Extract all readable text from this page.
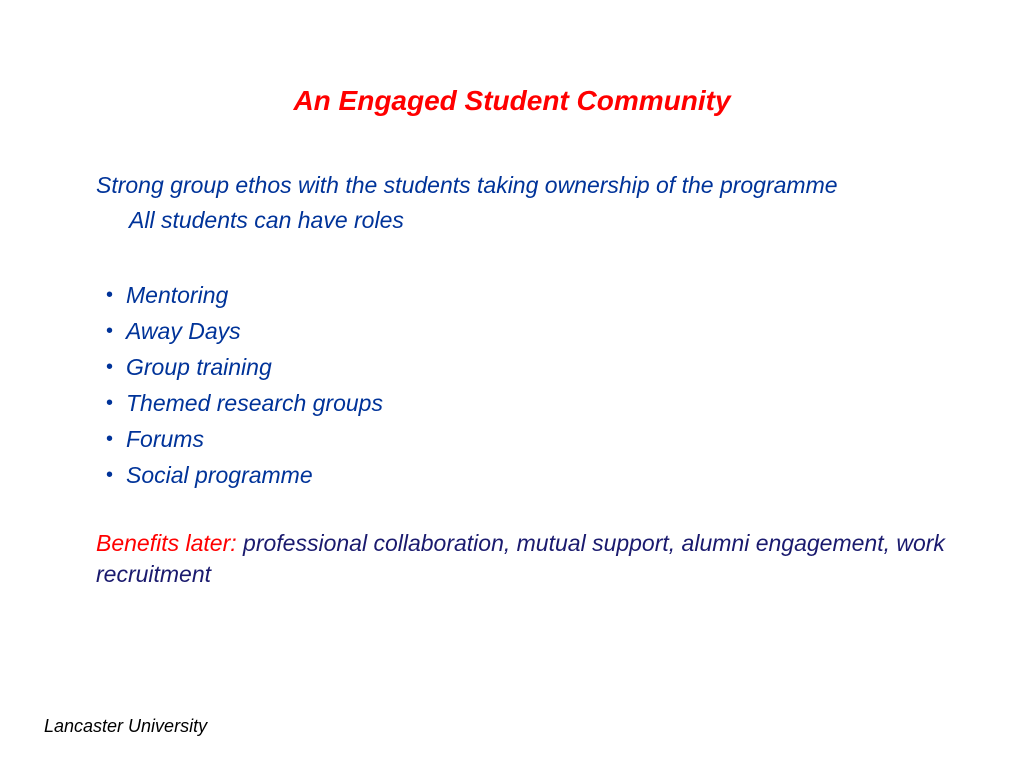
An Engaged Student Community

Strong group ethos with the students taking ownership of the programme

All students can have roles

• Mentoring
• Away Days
• Group training
• Themed research groups
• Forums
• Social programme

Benefits later: professional collaboration, mutual support, alumni engagement, work recruitment

Lancaster University
